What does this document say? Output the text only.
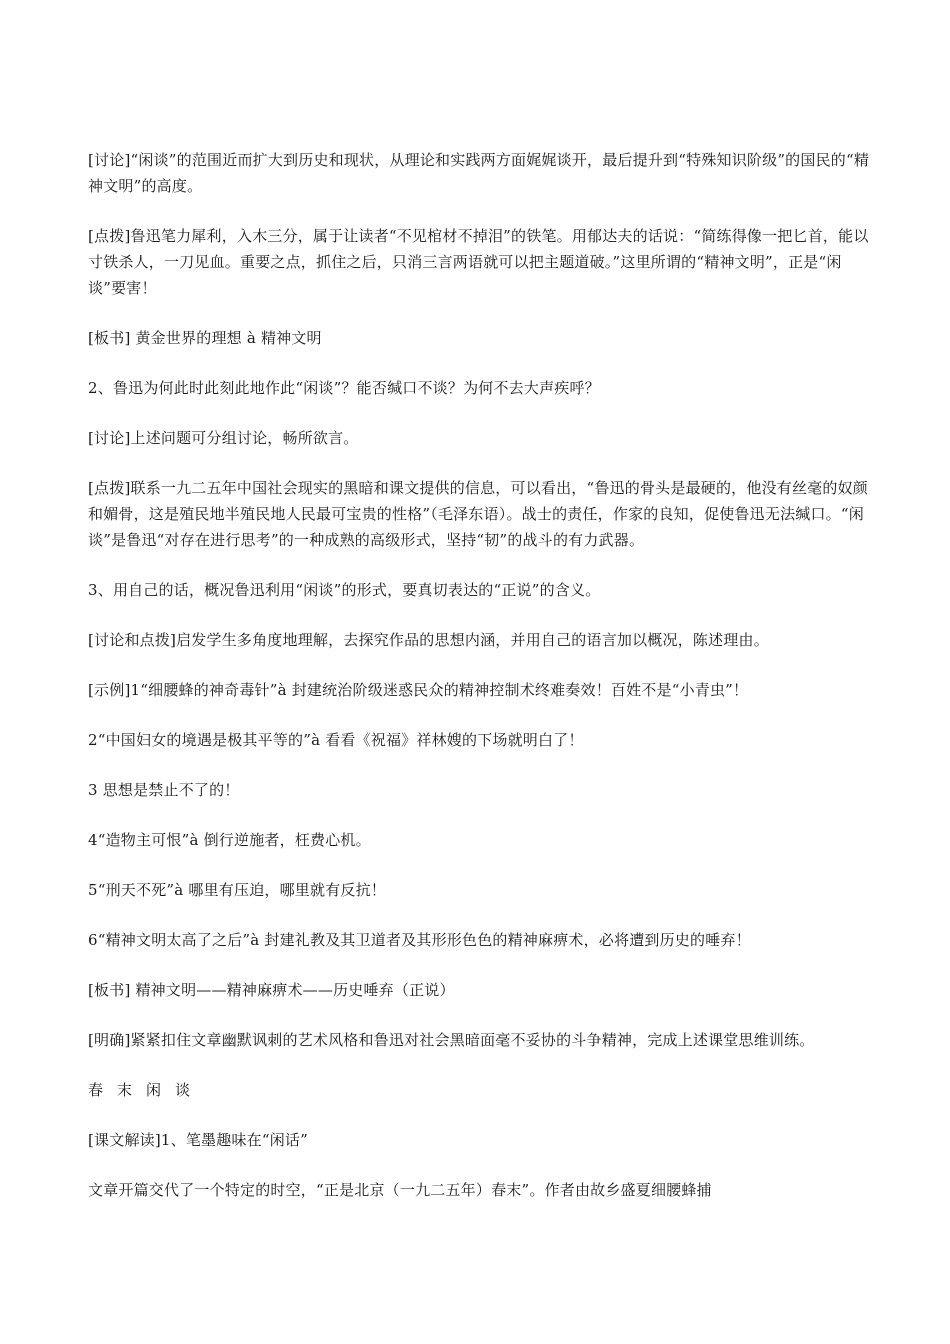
[讨论]“闲谈”的范围近而扩大到历史和现状，从理论和实践两方面娓娓谈开，最后提升到“特殊知识阶级”的国民的“精神文明”的高度。

[点拨]鲁迅笔力犀利，入木三分，属于让读者“不见棺材不掉泪”的铁笔。用郁达夫的话说：“简练得像一把匕首，能以寸铁杀人，一刀见血。重要之点，抓住之后，只消三言两语就可以把主题道破。”这里所谓的“精神文明”，正是“闲谈”要害！

[板书] 黄金世界的理想 à 精神文明

2、鲁迅为何此时此刻此地作此“闲谈”？能否缄口不谈？为何不去大声疾呼？

[讨论]上述问题可分组讨论，畅所欲言。

[点拨]联系一九二五年中国社会现实的黑暗和课文提供的信息，可以看出，“鲁迅的骨头是最硬的，他没有丝毫的奴颜和媚骨，这是殖民地半殖民地人民最可宝贵的性格”（毛泽东语）。战士的责任，作家的良知，促使鲁迅无法缄口。“闲谈”是鲁迅“对存在进行思考”的一种成熟的高级形式，坚持“韧”的战斗的有力武器。

3、用自己的话，概况鲁迅利用“闲谈”的形式，要真切表达的“正说”的含义。

[讨论和点拨]启发学生多角度地理解，去探究作品的思想内涵，并用自己的语言加以概况，陈述理由。

[示例]1“细腰蜂的神奇毒针”à 封建统治阶级迷惑民众的精神控制术终难奏效！百姓不是“小青虫”！

2“中国妇女的境遇是极其平等的”à 看看《祝福》祥林嫂的下场就明白了！

3 思想是禁止不了的！

4“造物主可恨”à 倒行逆施者，枉费心机。

5“刑天不死”à 哪里有压迫，哪里就有反抗！

6“精神文明太高了之后”à 封建礼教及其卫道者及其形形色色的精神麻痹术，必将遭到历史的唾弃！

[板书] 精神文明——精神麻痹术——历史唾弃（正说）

[明确]紧紧扣住文章幽默讽刺的艺术风格和鲁迅对社会黑暗面毫不妥协的斗争精神，完成上述课堂思维训练。

春末闲谈

[课文解读]1、笔墨趣味在“闲话”

文章开篇交代了一个特定的时空，“正是北京（一九二五年）春末”。作者由故乡盛夏细腰蜂捕
